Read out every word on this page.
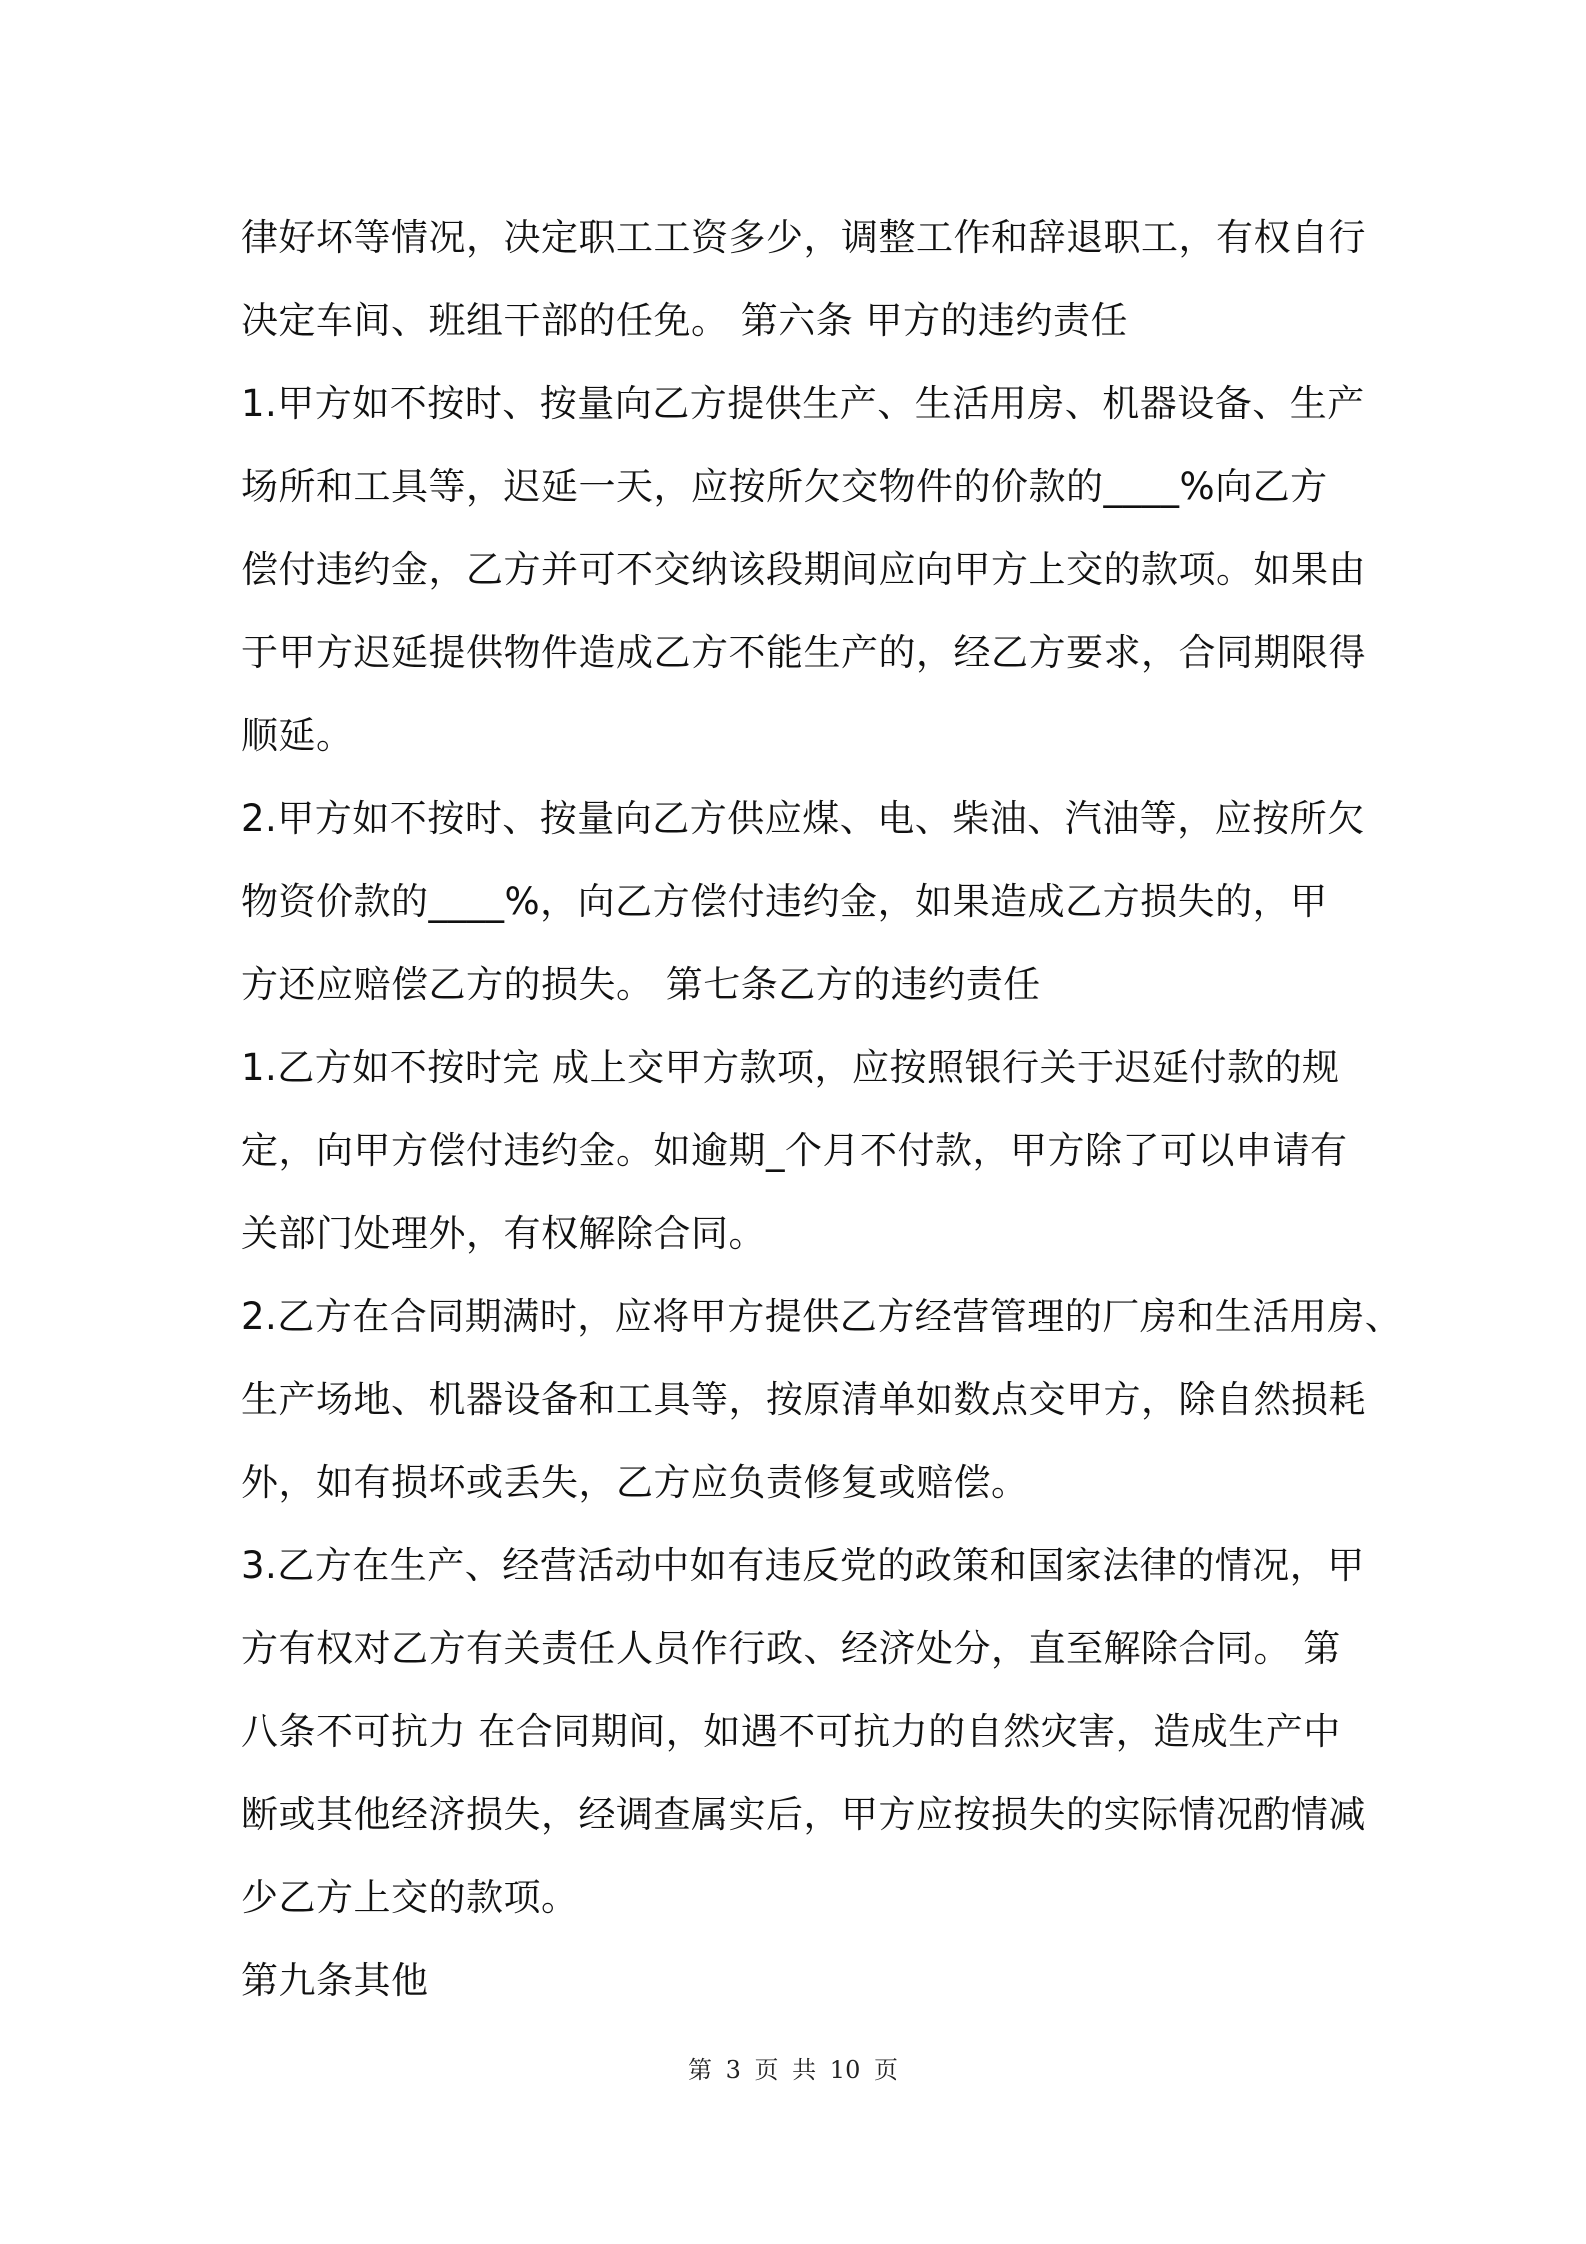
律好坏等情况，决定职工工资多少，调整工作和辞退职工，有权自行
决定车间、班组干部的任免。 第六条 甲方的违约责任
1.甲方如不按时、按量向乙方提供生产、生活用房、机器设备、生产
场所和工具等，迟延一天，应按所欠交物件的价款的____%向乙方
偿付违约金，乙方并可不交纳该段期间应向甲方上交的款项。如果由
于甲方迟延提供物件造成乙方不能生产的，经乙方要求，合同期限得
顺延。
2.甲方如不按时、按量向乙方供应煤、电、柴油、汽油等，应按所欠
物资价款的____%，向乙方偿付违约金，如果造成乙方损失的，甲
方还应赔偿乙方的损失。 第七条乙方的违约责任
1.乙方如不按时完 成上交甲方款项，应按照银行关于迟延付款的规
定，向甲方偿付违约金。如逾期_个月不付款，甲方除了可以申请有
关部门处理外，有权解除合同。
2.乙方在合同期满时，应将甲方提供乙方经营管理的厂房和生活用房、
生产场地、机器设备和工具等，按原清单如数点交甲方，除自然损耗
外，如有损坏或丢失，乙方应负责修复或赔偿。
3.乙方在生产、经营活动中如有违反党的政策和国家法律的情况，甲
方有权对乙方有关责任人员作行政、经济处分，直至解除合同。 第
八条不可抗力 在合同期间，如遇不可抗力的自然灾害，造成生产中
断或其他经济损失，经调查属实后，甲方应按损失的实际情况酌情减
少乙方上交的款项。
第九条其他
第 3 页 共 10 页
